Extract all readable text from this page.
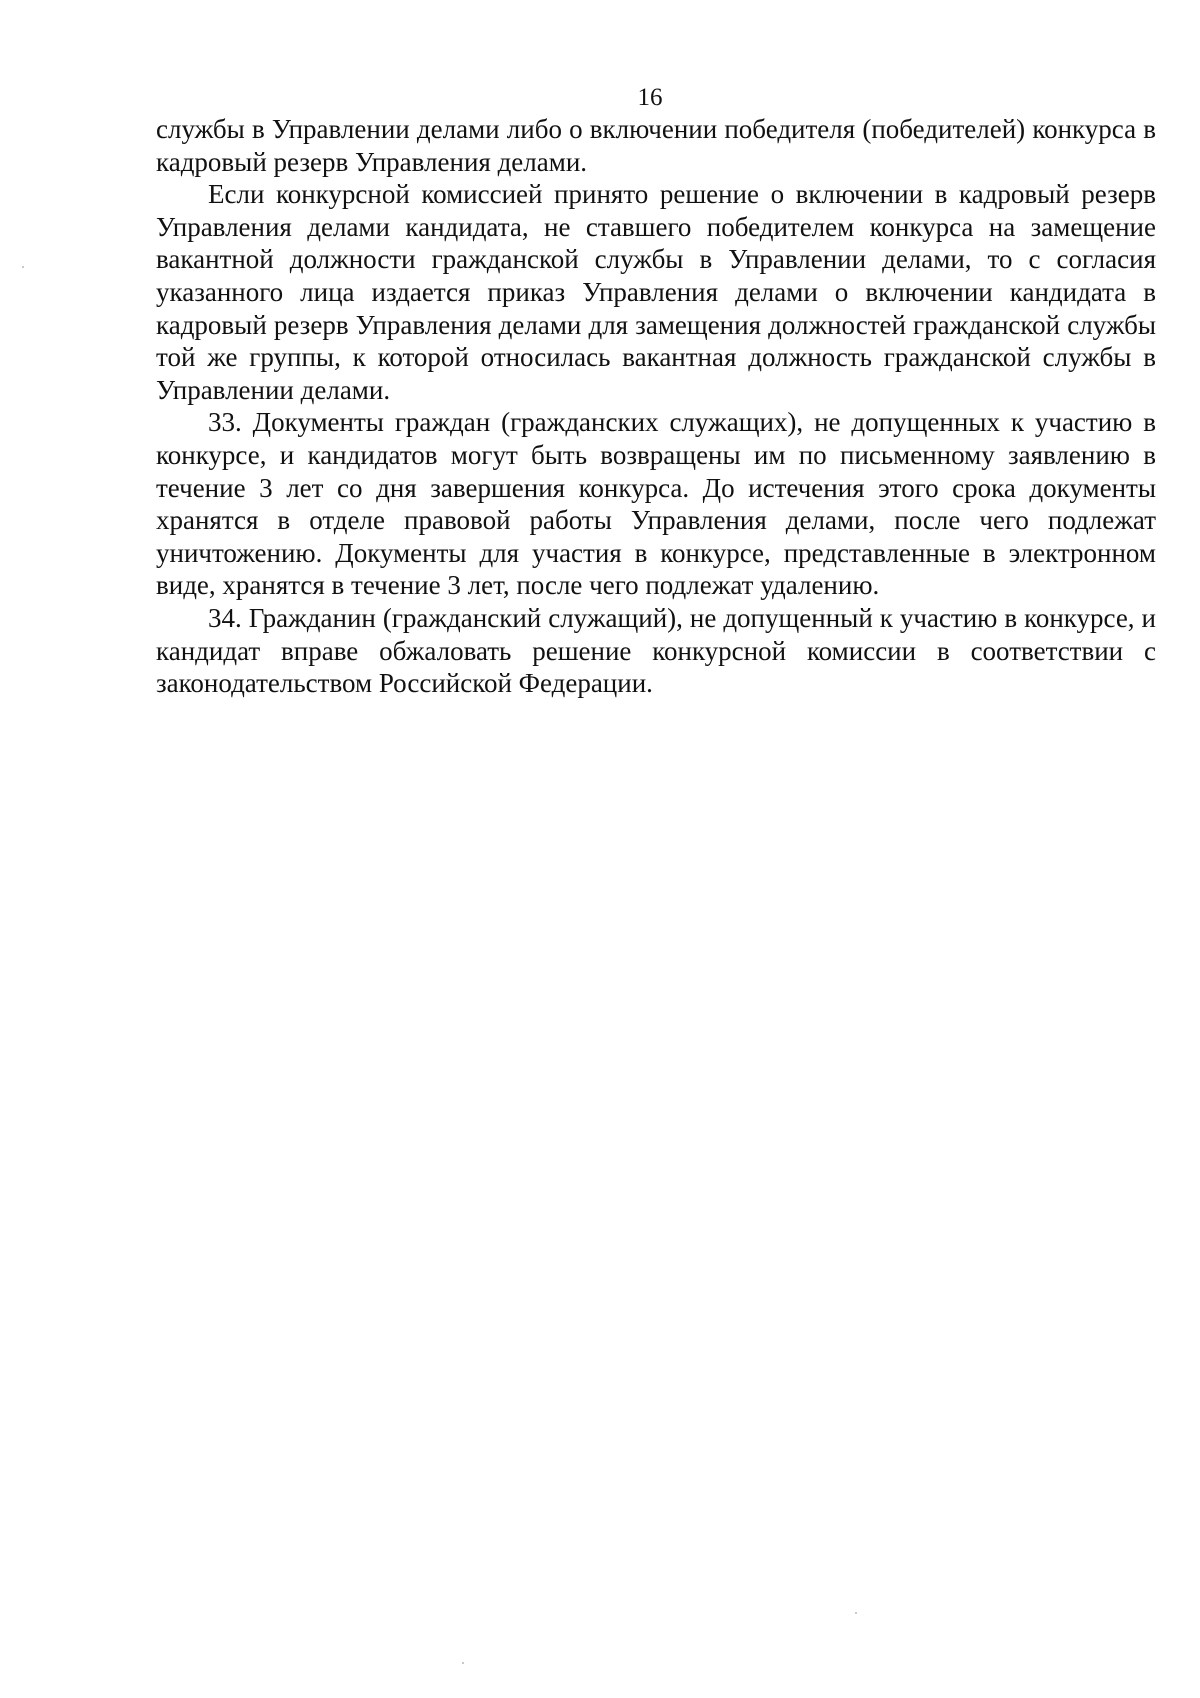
16

службы в Управлении делами либо о включении победителя (победителей) конкурса в кадровый резерв Управления делами.

Если конкурсной комиссией принято решение о включении в кадровый резерв Управления делами кандидата, не ставшего победителем конкурса на замещение вакантной должности гражданской службы в Управлении делами, то с согласия указанного лица издается приказ Управления делами о включении кандидата в кадровый резерв Управления делами для замещения должностей гражданской службы той же группы, к которой относилась вакантная должность гражданской службы в Управлении делами.

33. Документы граждан (гражданских служащих), не допущенных к участию в конкурсе, и кандидатов могут быть возвращены им по письменному заявлению в течение 3 лет со дня завершения конкурса. До истечения этого срока документы хранятся в отделе правовой работы Управления делами, после чего подлежат уничтожению. Документы для участия в конкурсе, представленные в электронном виде, хранятся в течение 3 лет, после чего подлежат удалению.

34. Гражданин (гражданский служащий), не допущенный к участию в конкурсе, и кандидат вправе обжаловать решение конкурсной комиссии в соответствии с законодательством Российской Федерации.
